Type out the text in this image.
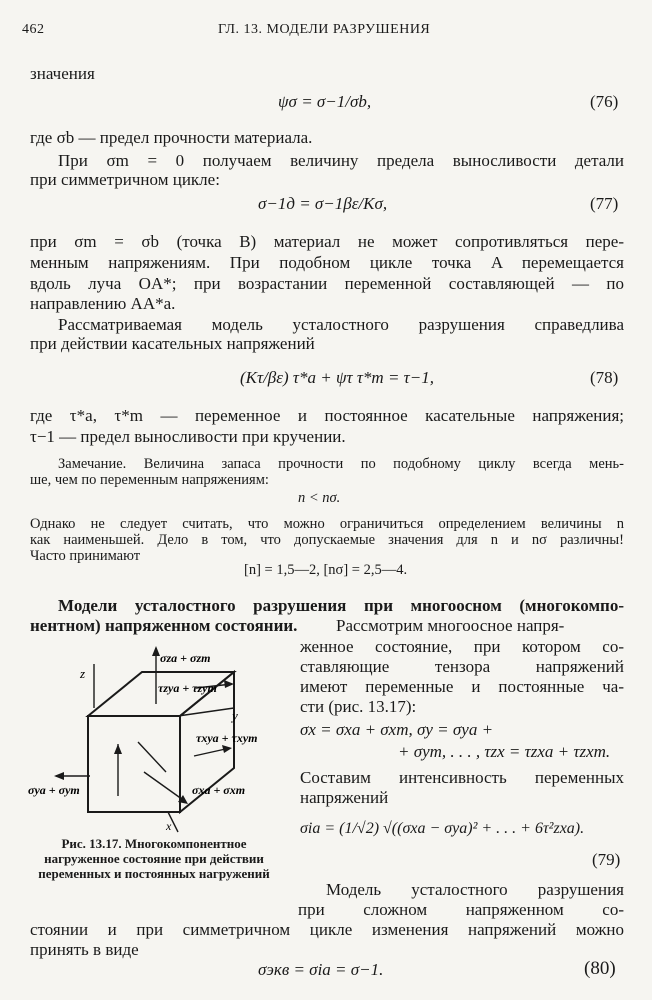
462	ГЛ. 13. МОДЕЛИ РАЗРУШЕНИЯ
значения
ψσ = σ−1/σb,	(76)
где σb — предел прочности материала.
При σm = 0 получаем величину предела выносливости детали
при симметричном цикле:
σ−1д = σ−1βε/Kσ,	(77)
при σm = σb (точка B) материал не может сопротивляться пере-
менным напряжениям. При подобном цикле точка A перемещается
вдоль луча OA*; при возрастании переменной составляющей — по
направлению AA*a.
Рассматриваемая модель усталостного разрушения справедлива
при действии касательных напряжений
(Kτ/βε) τ*a + ψτ τ*m = τ−1,	(78)
где τ*a, τ*m — переменное и постоянное касательные напряжения;
τ−1 — предел выносливости при кручении.
Замечание. Величина запаса прочности по подобному циклу всегда мень-
ше, чем по переменным напряжениям:
n < nσ.
Однако не следует считать, что можно ограничиться определением величины n
как наименьшей. Дело в том, что допускаемые значения для n и nσ различны!
Часто принимают
[n] = 1,5—2, [nσ] = 2,5—4.
Модели усталостного разрушения при многоосном (многокомпо-
нентном) напряженном состоянии. Рассмотрим многоосное напря-
женное состояние, при котором со-
ставляющие тензора напряжений
имеют переменные и постоянные ча-
сти (рис. 13.17):
σx = σxa + σxm, σy = σya +
+ σym, . . . , τzx = τzxa + τzxm.
Составим интенсивность переменных
напряжений
σia = (1/√2) √((σxa − σya)² + . . . + 6τ²zxa).
(79)
Модель усталостного разрушения
при сложном напряженном со-
стоянии и при симметричном цикле изменения напряжений можно
принять в виде
σэкв = σia = σ−1.	(80)
σza + σzm
τzya + τzym
τxya + τxym
σya + σym	σxa + σxm
x
y
z
Рис. 13.17. Многокомпонентное нагруженное состояние при действии переменных и постоянных нагружений
